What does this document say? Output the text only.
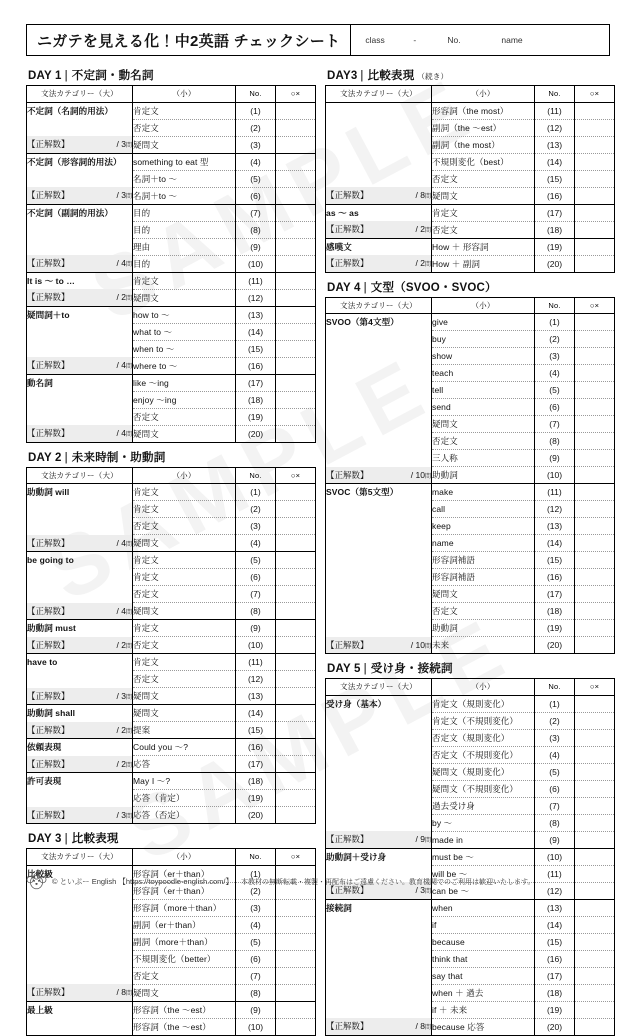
ニガテを見える化！中2英語 チェックシート	class	-	No.	name
DAY 1 | 不定詞・動名詞
文法カテゴリー（大）	（小）	No.	○×
不定詞（名詞的用法）	肯定文	(1)	
	否定文	(2)	

【正解数】 / 3問	疑問文	(3)	
不定詞（形容詞的用法）	something to eat 型	(4)	
	名詞＋to ～	(5)	

【正解数】 / 3問	名詞＋to ～	(6)	
不定詞（副詞的用法）	目的	(7)	
	目的	(8)	
	理由	(9)	

【正解数】 / 4問	目的	(10)	
It is ～ to …	肯定文	(11)	

【正解数】 / 2問	疑問文	(12)	
疑問詞＋to	how to ～	(13)	
	what to ～	(14)	
	when to ～	(15)	

【正解数】 / 4問	where to ～	(16)	
動名詞	like ～ing	(17)	
	enjoy ～ing	(18)	
	否定文	(19)	

【正解数】 / 4問	疑問文	(20)	
DAY 2 | 未来時制・助動詞
文法カテゴリー（大）	（小）	No.	○×
助動詞 will	肯定文	(1)	
	肯定文	(2)	
	否定文	(3)	

【正解数】 / 4問	疑問文	(4)	
be going to	肯定文	(5)	
	肯定文	(6)	
	否定文	(7)	

【正解数】 / 4問	疑問文	(8)	
助動詞 must	肯定文	(9)	

【正解数】 / 2問	否定文	(10)	
have to	肯定文	(11)	
	否定文	(12)	

【正解数】 / 3問	疑問文	(13)	
助動詞 shall	疑問文	(14)	

【正解数】 / 2問	提案	(15)	
依頼表現	Could you ～?	(16)	

【正解数】 / 2問	応答	(17)	
許可表現	May I ～?	(18)	
	応答（肯定）	(19)	

【正解数】 / 3問	応答（否定）	(20)	
DAY 3 | 比較表現
文法カテゴリー（大）	（小）	No.	○×
比較級	形容詞（er＋than）	(1)	
	形容詞（er＋than）	(2)	
	形容詞（more＋than）	(3)	
	副詞（er＋than）	(4)	
	副詞（more＋than）	(5)	
	不規則変化（better）	(6)	
	否定文	(7)	

【正解数】 / 8問	疑問文	(8)	
最上級	形容詞（the ～est）	(9)	
	形容詞（the ～est）	(10)	
DAY3 | 比較表現 （続き）
文法カテゴリー（大）	（小）	No.	○×
	形容詞（the most）	(11)	
	副詞（the ～est）	(12)	
	副詞（the most）	(13)	
	不規則変化（best）	(14)	
	否定文	(15)	

【正解数】 / 8問	疑問文	(16)	
as ～ as	肯定文	(17)	

【正解数】 / 2問	否定文	(18)	
感嘆文	How ＋ 形容詞	(19)	

【正解数】 / 2問	How ＋ 副詞	(20)	
DAY 4 | 文型（SVOO・SVOC）
文法カテゴリー（大）	（小）	No.	○×
SVOO（第4文型）	give	(1)	
	buy	(2)	
	show	(3)	
	teach	(4)	
	tell	(5)	
	send	(6)	
	疑問文	(7)	
	否定文	(8)	
	三人称	(9)	

【正解数】 / 10問	助動詞	(10)	
SVOC（第5文型）	make	(11)	
	call	(12)	
	keep	(13)	
	name	(14)	
	形容詞補語	(15)	
	形容詞補語	(16)	
	疑問文	(17)	
	否定文	(18)	
	助動詞	(19)	

【正解数】 / 10問	未来	(20)	
DAY 5 | 受け身・接続詞
文法カテゴリー（大）	（小）	No.	○×
受け身（基本）	肯定文（規則変化）	(1)	
	肯定文（不規則変化）	(2)	
	否定文（規則変化）	(3)	
	否定文（不規則変化）	(4)	
	疑問文（規則変化）	(5)	
	疑問文（不規則変化）	(6)	
	過去受け身	(7)	
	by ～	(8)	

【正解数】 / 9問	made in	(9)	
助動詞＋受け身	must be ～	(10)	
	will be ～	(11)	

【正解数】 / 3問	can be ～	(12)	
接続詞	when	(13)	
	if	(14)	
	because	(15)	
	think that	(16)	
	say that	(17)	
	when ＋ 過去	(18)	
	if ＋ 未来	(19)	

【正解数】 / 8問	because 応答	(20)	
© といぷー English 【https://toypoodle-english.com/】 本教材の無断転載・複製・再配布はご遠慮ください。教育機関でのご利用は歓迎いたします。
